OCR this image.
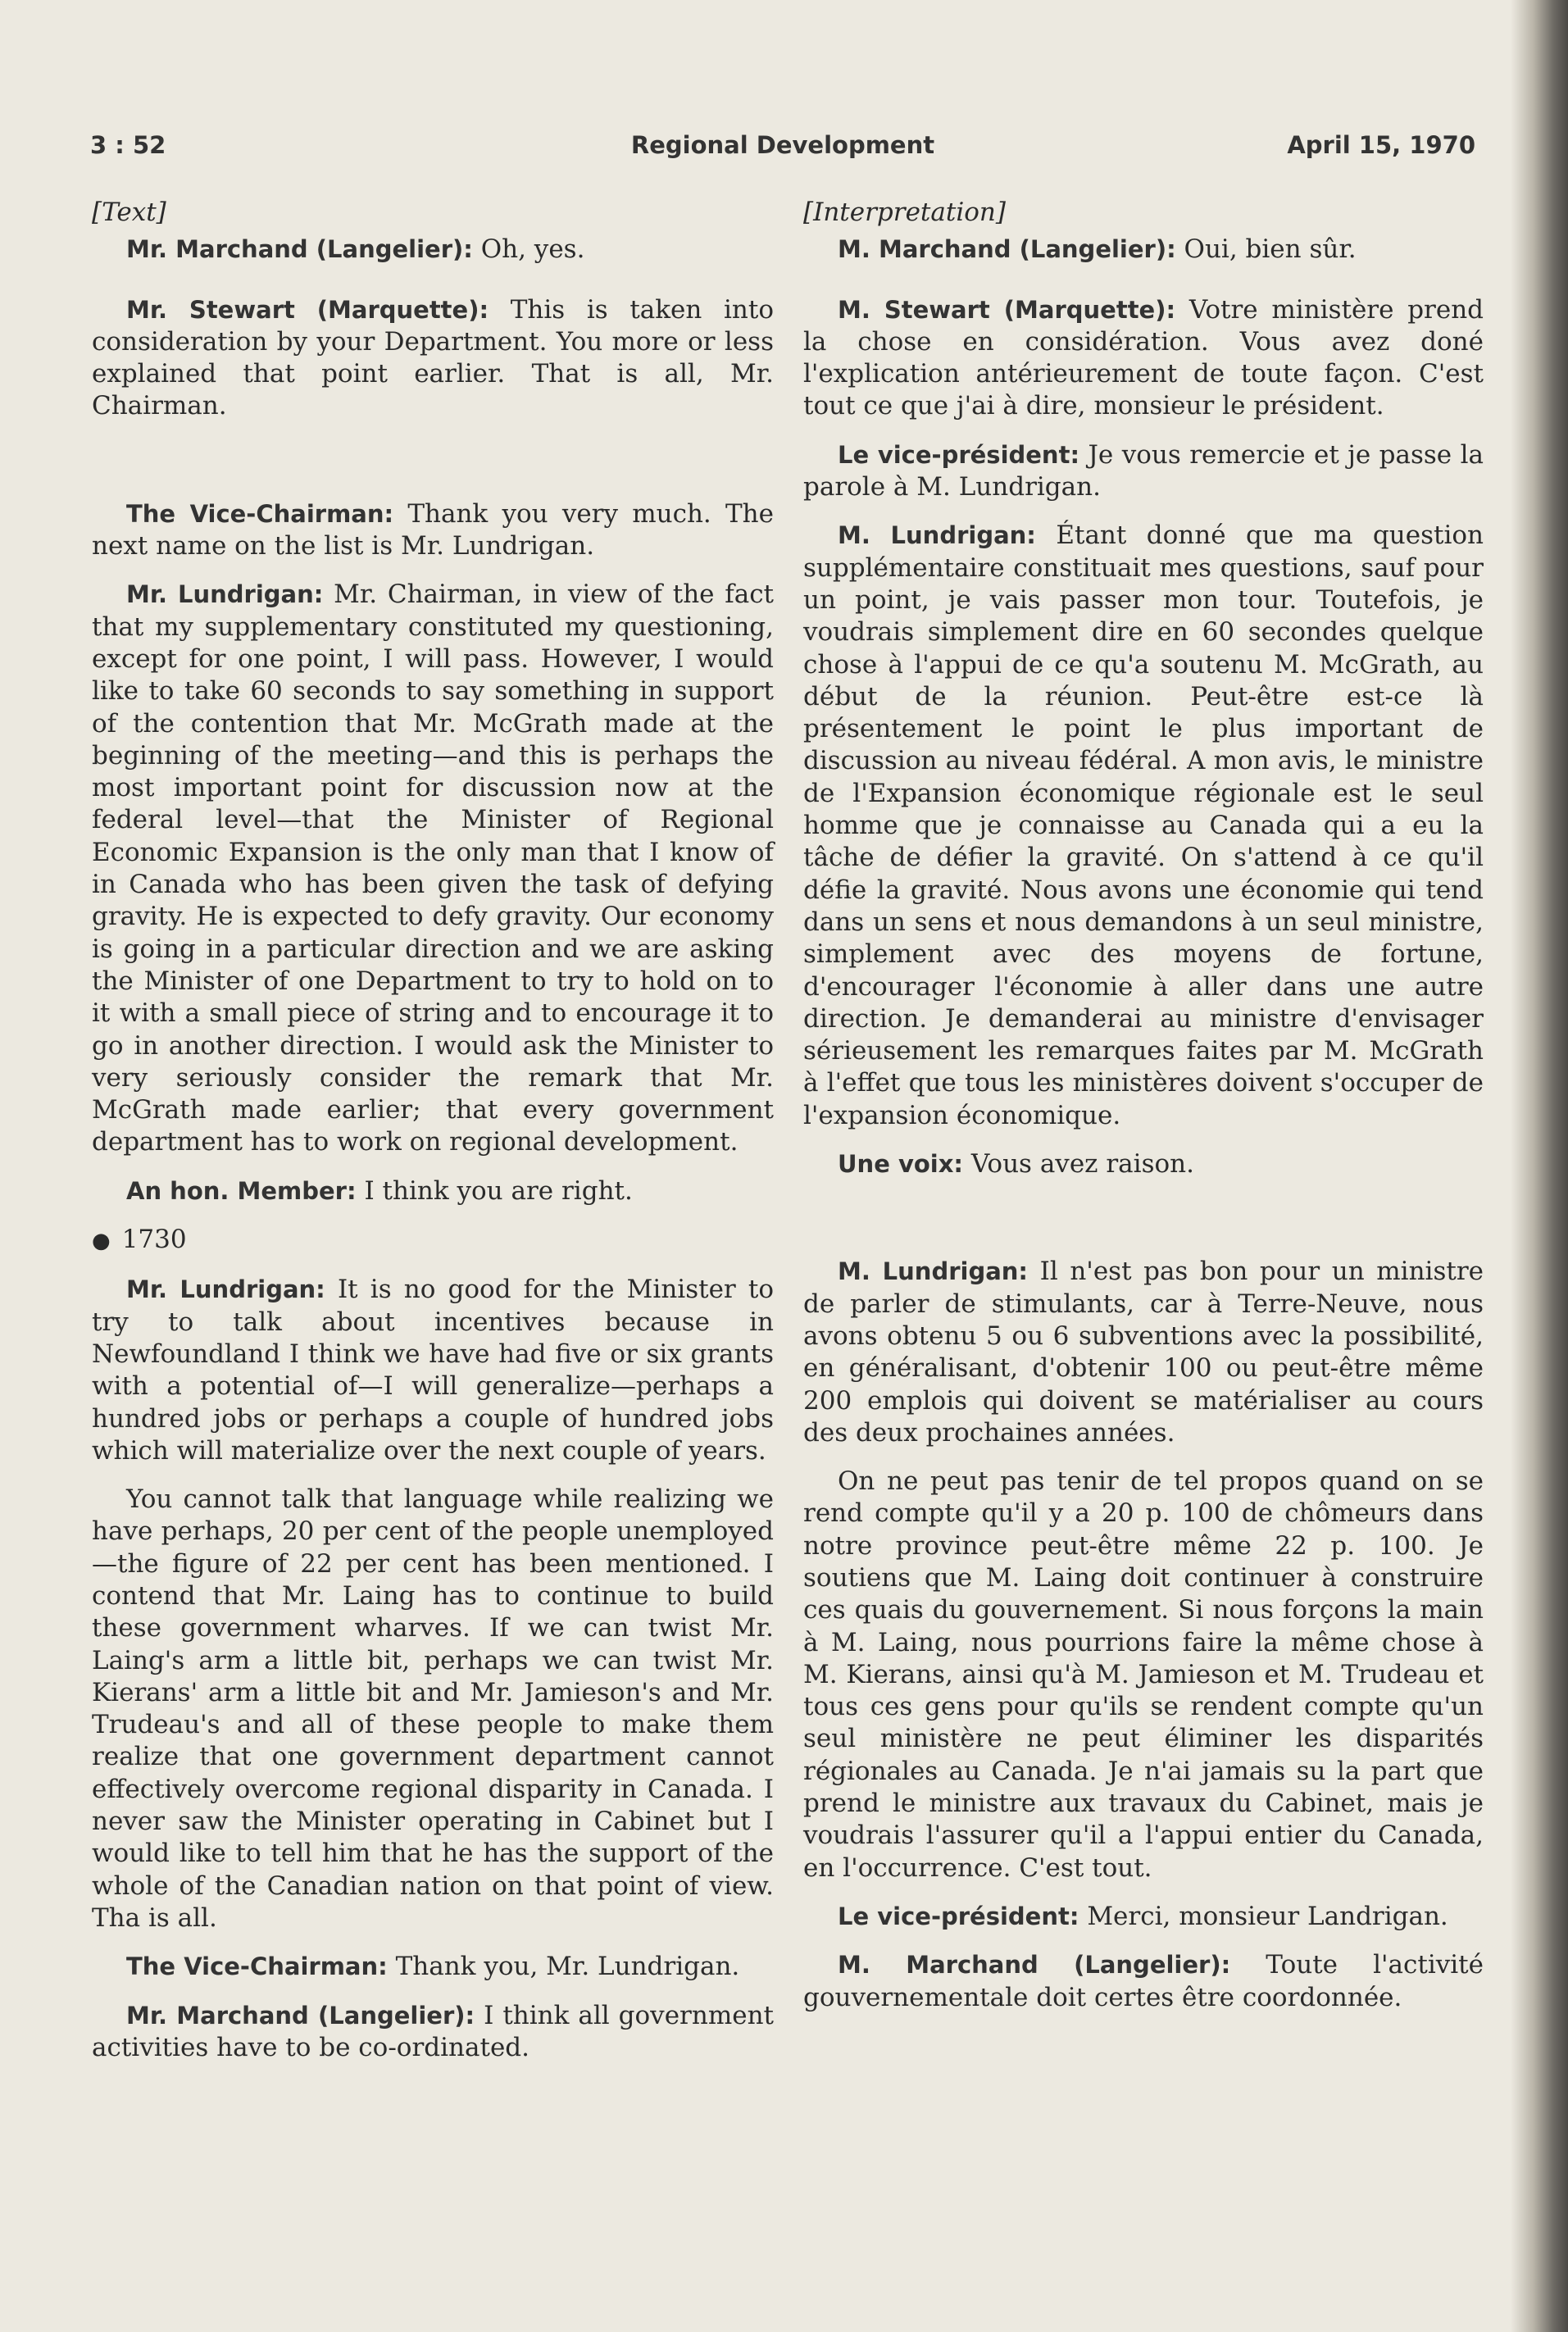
3 : 52	Regional Development	April 15, 1970

[Text]

Mr. Marchand (Langelier): Oh, yes.

Mr. Stewart (Marquette): This is taken into consideration by your Department. You more or less explained that point earlier. That is all, Mr. Chairman.

The Vice-Chairman: Thank you very much. The next name on the list is Mr. Lundrigan.

Mr. Lundrigan: Mr. Chairman, in view of the fact that my supplementary constituted my questioning, except for one point, I will pass. However, I would like to take 60 seconds to say something in support of the contention that Mr. McGrath made at the beginning of the meeting—and this is perhaps the most important point for discussion now at the federal level—that the Minister of Regional Economic Expansion is the only man that I know of in Canada who has been given the task of defying gravity. He is expected to defy gravity. Our economy is going in a particular direction and we are asking the Minister of one Department to try to hold on to it with a small piece of string and to encourage it to go in another direction. I would ask the Minister to very seriously consider the remark that Mr. McGrath made earlier; that every government department has to work on regional development.

An hon. Member: I think you are right.

● 1730

Mr. Lundrigan: It is no good for the Minister to try to talk about incentives because in Newfoundland I think we have had five or six grants with a potential of—I will generalize—perhaps a hundred jobs or perhaps a couple of hundred jobs which will materialize over the next couple of years.

You cannot talk that language while realizing we have perhaps, 20 per cent of the people unemployed—the figure of 22 per cent has been mentioned. I contend that Mr. Laing has to continue to build these government wharves. If we can twist Mr. Laing's arm a little bit, perhaps we can twist Mr. Kierans' arm a little bit and Mr. Jamieson's and Mr. Trudeau's and all of these people to make them realize that one government department cannot effectively overcome regional disparity in Canada. I never saw the Minister operating in Cabinet but I would like to tell him that he has the support of the whole of the Canadian nation on that point of view. Tha is all.

The Vice-Chairman: Thank you, Mr. Lundrigan.

Mr. Marchand (Langelier): I think all government activities have to be co-ordinated.

[Interpretation]

M. Marchand (Langelier): Oui, bien sûr.

M. Stewart (Marquette): Votre ministère prend la chose en considération. Vous avez doné l'explication antérieurement de toute façon. C'est tout ce que j'ai à dire, monsieur le président.

Le vice-président: Je vous remercie et je passe la parole à M. Lundrigan.

M. Lundrigan: Étant donné que ma question supplémentaire constituait mes questions, sauf pour un point, je vais passer mon tour. Toutefois, je voudrais simplement dire en 60 secondes quelque chose à l'appui de ce qu'a soutenu M. McGrath, au début de la réunion. Peut-être est-ce là présentement le point le plus important de discussion au niveau fédéral. A mon avis, le ministre de l'Expansion économique régionale est le seul homme que je connaisse au Canada qui a eu la tâche de défier la gravité. On s'attend à ce qu'il défie la gravité. Nous avons une économie qui tend dans un sens et nous demandons à un seul ministre, simplement avec des moyens de fortune, d'encourager l'économie à aller dans une autre direction. Je demanderai au ministre d'envisager sérieusement les remarques faites par M. McGrath à l'effet que tous les ministères doivent s'occuper de l'expansion économique.

Une voix: Vous avez raison.

M. Lundrigan: Il n'est pas bon pour un ministre de parler de stimulants, car à Terre-Neuve, nous avons obtenu 5 ou 6 subventions avec la possibilité, en généralisant, d'obtenir 100 ou peut-être même 200 emplois qui doivent se matérialiser au cours des deux prochaines années.

On ne peut pas tenir de tel propos quand on se rend compte qu'il y a 20 p. 100 de chômeurs dans notre province peut-être même 22 p. 100. Je soutiens que M. Laing doit continuer à construire ces quais du gouvernement. Si nous forçons la main à M. Laing, nous pourrions faire la même chose à M. Kierans, ainsi qu'à M. Jamieson et M. Trudeau et tous ces gens pour qu'ils se rendent compte qu'un seul ministère ne peut éliminer les disparités régionales au Canada. Je n'ai jamais su la part que prend le ministre aux travaux du Cabinet, mais je voudrais l'assurer qu'il a l'appui entier du Canada, en l'occurrence. C'est tout.

Le vice-président: Merci, monsieur Landrigan.

M. Marchand (Langelier): Toute l'activité gouvernementale doit certes être coordonnée.
